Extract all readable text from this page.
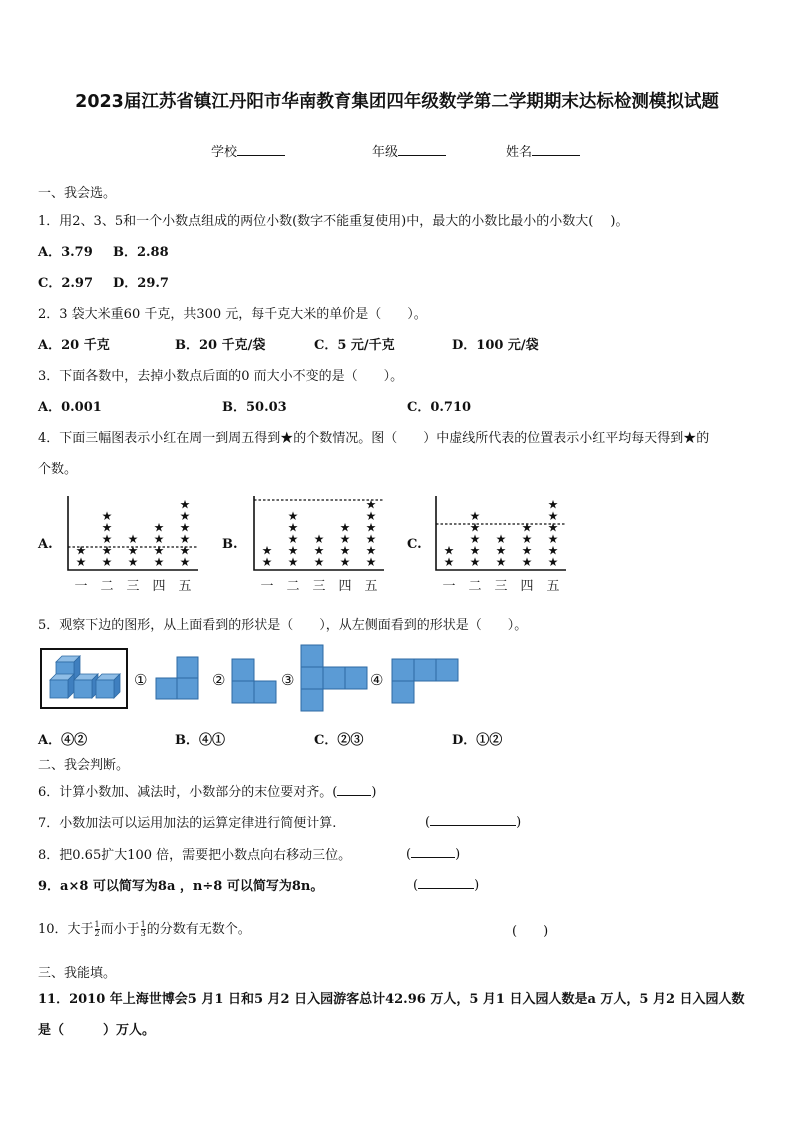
2023届江苏省镇江丹阳市华南教育集团四年级数学第二学期期末达标检测模拟试题
学校	年级	姓名
一、我会选。
1．用2、3、5和一个小数点组成的两位小数(数字不能重复使用)中，最大的小数比最小的小数大(　 )。
A．3.79 B．2.88
C．2.97 D．29.7
2．3 袋大米重60 千克，共300 元，每千克大米的单价是（　　）。
A．20 千克	B．20 千克/袋	C．5 元/千克	D．100 元/袋
3．下面各数中，去掉小数点后面的0 而大小不变的是（　　）。
A．0.001	B．50.03	C．0.710
4．下面三幅图表示小红在周一到周五得到★的个数情况。图（　　）中虚线所代表的位置表示小红平均每天得到★的
个数。
A.	B.	C.
★
★
一
★
★
★
★
★
二
★
★
★
三
★
★
★
★
四
★
★
★
★
★
★
五
★
★
一
★
★
★
★
★
二
★
★
★
三
★
★
★
★
四
★
★
★
★
★
★
五
★
★
一
★
★
★
★
★
二
★
★
★
三
★
★
★
★
四
★
★
★
★
★
★
五
5．观察下边的图形，从上面看到的形状是（　　），从左侧面看到的形状是（　　）。
①	②	③	④
A．④②	B．④①	C．②③	D．①②
二、我会判断。
6．计算小数加、减法时，小数部分的末位要对齐。(	)
7．小数加法可以运用加法的运算定律进行简便计算.	(	)
8．把0.65扩大100 倍，需要把小数点向右移动三位。	(	)
9．a×8 可以简写为8a ，n÷8 可以简写为8n。	(	)
10．大于 $\frac{1}{2}$ 而小于 $\frac{1}{3}$ 的分数有无数个。	(　　)
三、我能填。
11．2010 年上海世博会5 月1 日和5 月2 日入园游客总计42.96 万人，5 月1 日入园人数是a 万人，5 月2 日入园人数
是（　　　）万人。
